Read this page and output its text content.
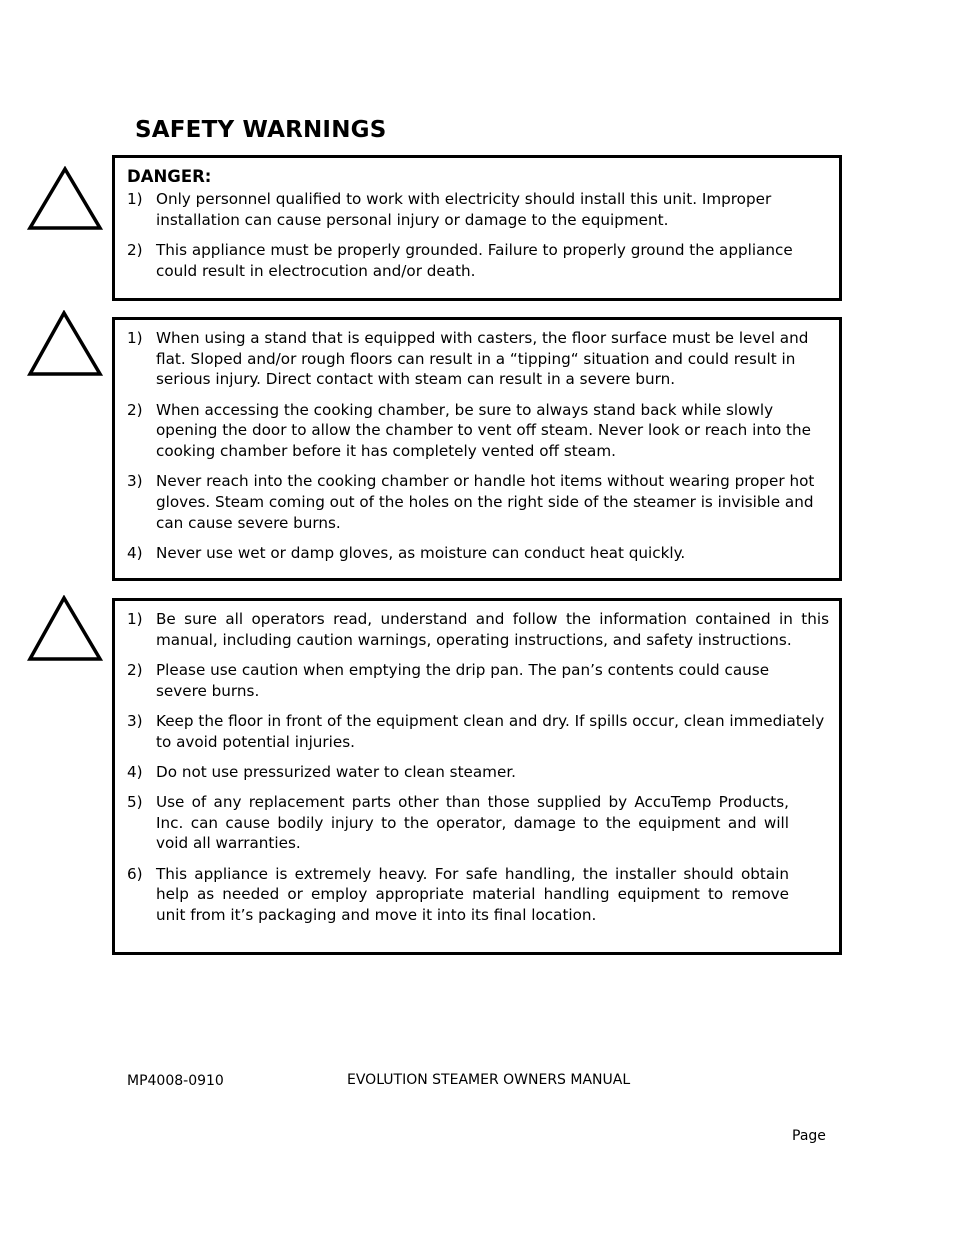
SAFETY WARNINGS
DANGER:
1) Only personnel qualified to work with electricity should install this unit. Improper installation can cause personal injury or damage to the equipment.
2) This appliance must be properly grounded. Failure to properly ground the appliance could result in electrocution and/or death.
1) When using a stand that is equipped with casters, the floor surface must be level and flat. Sloped and/or rough floors can result in a “tipping“ situation and could result in serious injury. Direct contact with steam can result in a severe burn.
2) When accessing the cooking chamber, be sure to always stand back while slowly opening the door to allow the chamber to vent off steam. Never look or reach into the cooking chamber before it has completely vented off steam.
3) Never reach into the cooking chamber or handle hot items without wearing proper hot gloves. Steam coming out of the holes on the right side of the steamer is invisible and can cause severe burns.
4) Never use wet or damp gloves, as moisture can conduct heat quickly.
1) Be sure all operators read, understand and follow the information contained in this manual, including caution warnings, operating instructions, and safety instructions.
2) Please use caution when emptying the drip pan. The pan’s contents could cause severe burns.
3) Keep the floor in front of the equipment clean and dry. If spills occur, clean immediately to avoid potential injuries.
4) Do not use pressurized water to clean steamer.
5) Use of any replacement parts other than those supplied by AccuTemp Products, Inc. can cause bodily injury to the operator, damage to the equipment and will void all warranties.
6) This appliance is extremely heavy. For safe handling, the installer should obtain help as needed or employ appropriate material handling equipment to remove unit from it’s packaging and move it into its final location.
MP4008-0910	EVOLUTION STEAMER OWNERS MANUAL
Page
